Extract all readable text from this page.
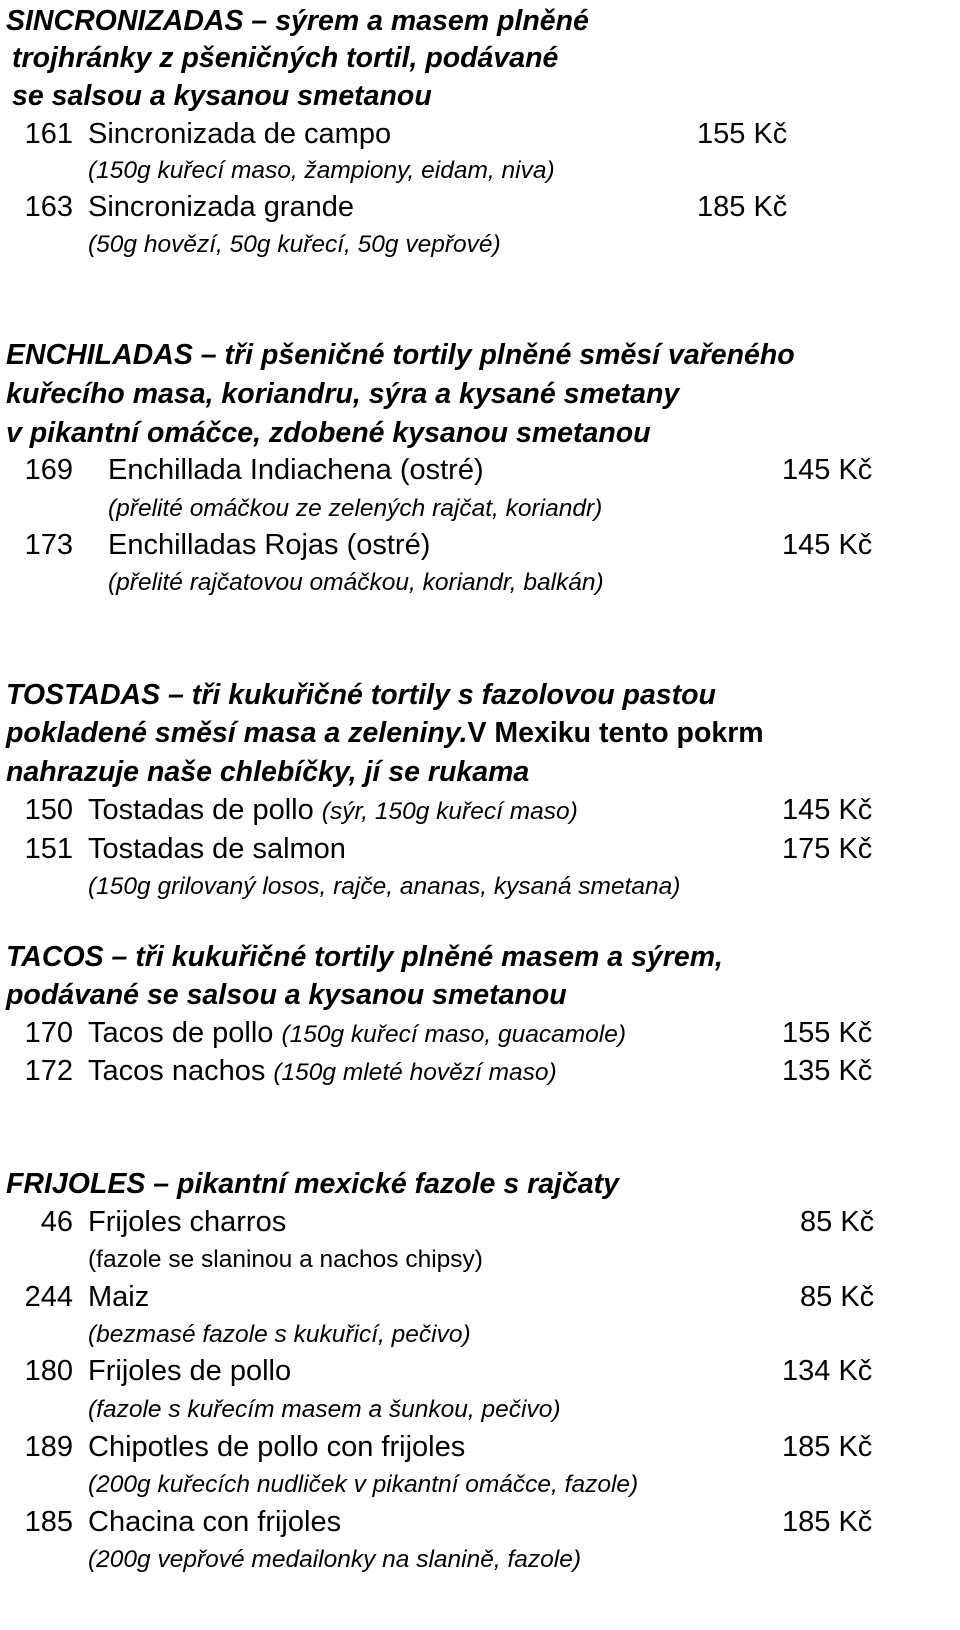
SINCRONIZADAS – sýrem a masem plněné
trojhránky z pšeničných tortil, podávané
se salsou a kysanou smetanou
161 Sincronizada de campo	155 Kč
(150g kuřecí maso, žampiony, eidam, niva)
163 Sincronizada grande	185 Kč
(50g hovězí, 50g kuřecí, 50g vepřové)
ENCHILADAS – tři pšeničné tortily plněné směsí vařeného
kuřecího masa, koriandru, sýra a kysané smetany
v pikantní omáčce, zdobené kysanou smetanou
169 Enchillada Indiachena (ostré)	145 Kč
(přelité omáčkou ze zelených rajčat, koriandr)
173 Enchilladas Rojas (ostré)	145 Kč
(přelité rajčatovou omáčkou, koriandr, balkán)
TOSTADAS – tři kukuřičné tortily s fazolovou pastou
pokladené směsí masa a zeleniny.V Mexiku tento pokrm
nahrazuje naše chlebíčky, jí se rukama
150 Tostadas de pollo (sýr, 150g kuřecí maso)	145 Kč
151 Tostadas de salmon	175 Kč
(150g grilovaný losos, rajče, ananas, kysaná smetana)
TACOS – tři kukuřičné tortily plněné masem a sýrem,
podávané se salsou a kysanou smetanou
170 Tacos de pollo (150g kuřecí maso, guacamole)	155 Kč
172 Tacos nachos (150g mleté hovězí maso)	135 Kč
FRIJOLES – pikantní mexické fazole s rajčaty
46 Frijoles charros	85 Kč
(fazole se slaninou a nachos chipsy)
244 Maiz	85 Kč
(bezmasé fazole s kukuřicí, pečivo)
180 Frijoles de pollo	134 Kč
(fazole s kuřecím masem a šunkou, pečivo)
189 Chipotles de pollo con frijoles	185 Kč
(200g kuřecích nudliček v pikantní omáčce, fazole)
185 Chacina con frijoles	185 Kč
(200g vepřové medailonky na slanině, fazole)
